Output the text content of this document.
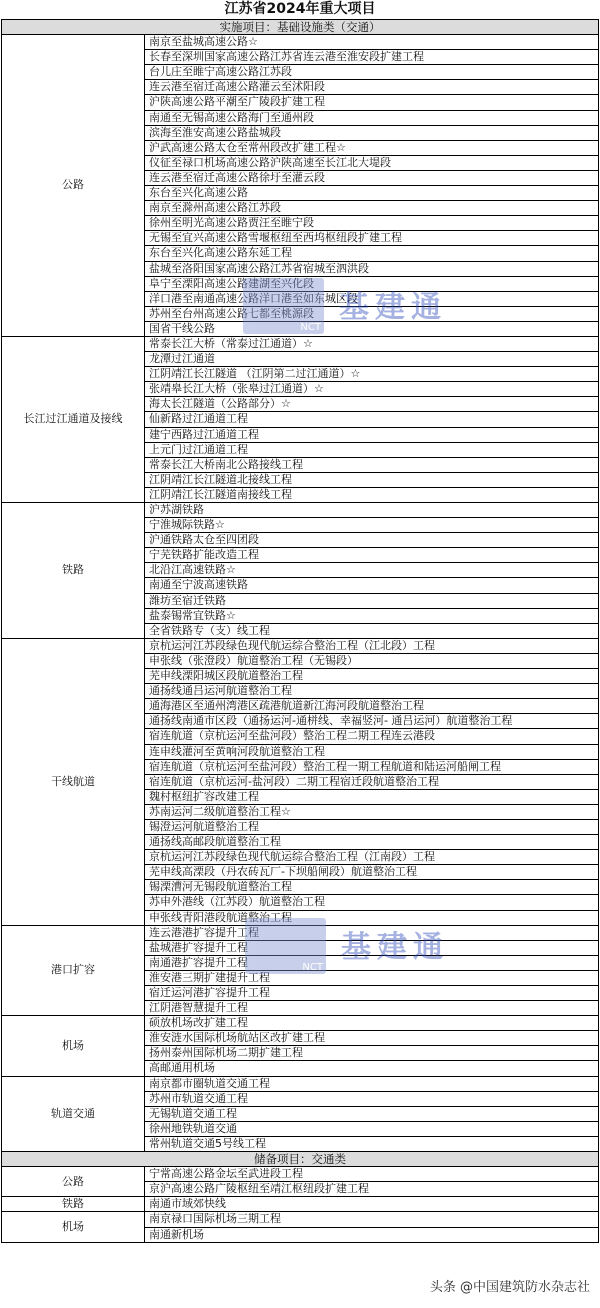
江苏省2024年重大项目
实施项目：基础设施类（交通）	
公路	南京至盐城高速公路☆
	长春至深圳国家高速公路江苏省连云港至淮安段扩建工程
	台儿庄至睢宁高速公路江苏段
	连云港至宿迁高速公路灌云至沭阳段
	沪陕高速公路平潮至广陵段扩建工程
	南通至无锡高速公路海门至通州段
	滨海至淮安高速公路盐城段
	沪武高速公路太仓至常州段改扩建工程☆
	仪征至禄口机场高速公路沪陕高速至长江北大堤段
	连云港至宿迁高速公路徐圩至灌云段
	东台至兴化高速公路
	南京至滁州高速公路江苏段
	徐州至明光高速公路贾汪至睢宁段
	无锡至宜兴高速公路雪堰枢纽至西坞枢纽段扩建工程
	东台至兴化高速公路东延工程
	盐城至洛阳国家高速公路江苏省宿城至泗洪段
	阜宁至溧阳高速公路建湖至兴化段
	洋口港至南通高速公路洋口港至如东城区段
	苏州至台州高速公路七都至桃源段
	国省干线公路
长江过江通道及接线	常泰长江大桥（常泰过江通道）☆
	龙潭过江通道
	江阴靖江长江隧道 （江阴第二过江通道）☆
	张靖皋长江大桥（张皋过江通道）☆
	海太长江隧道（公路部分）☆
	仙新路过江通道工程
	建宁西路过江通道工程
	上元门过江通道工程
	常泰长江大桥南北公路接线工程
	江阴靖江长江隧道北接线工程
	江阴靖江长江隧道南接线工程
铁路	沪苏湖铁路
	宁淮城际铁路☆
	沪通铁路太仓至四团段
	宁芜铁路扩能改造工程
	北沿江高速铁路☆
	南通至宁波高速铁路
	潍坊至宿迁铁路
	盐泰锡常宜铁路☆
	全省铁路专（支）线工程
干线航道	京杭运河江苏段绿色现代航运综合整治工程（江北段）工程
	申张线（张澄段）航道整治工程（无锡段）
	芜申线溧阳城区段航道整治工程
	通扬线通吕运河航道整治工程
	通海港区至通州湾港区疏港航道新江海河段航道整治工程
	通扬线南通市区段（通扬运河-通栟线、幸福竖河- 通吕运河）航道整治工程
	宿连航道（京杭运河至盐河段）整治工程二期工程连云港段
	连申线灌河至黄响河段航道整治工程
	宿连航道（京杭运河至盐河段）整治工程一期工程航道和陆运河船闸工程
	宿连航道（京杭运河-盐河段）二期工程宿迁段航道整治工程
	魏村枢纽扩容改建工程
	苏南运河二级航道整治工程☆
	锡澄运河航道整治工程
	通扬线高邮段航道整治工程
	京杭运河江苏段绿色现代航运综合整治工程（江南段）工程
	芜申线高溧段（丹农砖瓦厂-下坝船闸段）航道整治工程
	锡溧漕河无锡段航道整治工程
	苏申外港线（江苏段）航道整治工程
	申张线青阳港段航道整治工程
港口扩容	连云港港扩容提升工程
	盐城港扩容提升工程
	南通港扩容提升工程
	淮安港三期扩建提升工程
	宿迁运河港扩容提升工程
	江阴港智慧提升工程
机场	硕放机场改扩建工程
	淮安涟水国际机场航站区改扩建工程
	扬州泰州国际机场二期扩建工程
	高邮通用机场
轨道交通	南京都市圈轨道交通工程
	苏州市轨道交通工程
	无锡轨道交通工程
	徐州地铁轨道交通
	常州轨道交通5号线工程
储备项目：交通类	
公路	宁常高速公路金坛至武进段工程
	京沪高速公路广陵枢纽至靖江枢纽段扩建工程
铁路	南通市域郊快线
机场	南京禄口国际机场三期工程
	南通新机场
NCT
基建通
NCT
基建通
头条 @中国建筑防水杂志社
